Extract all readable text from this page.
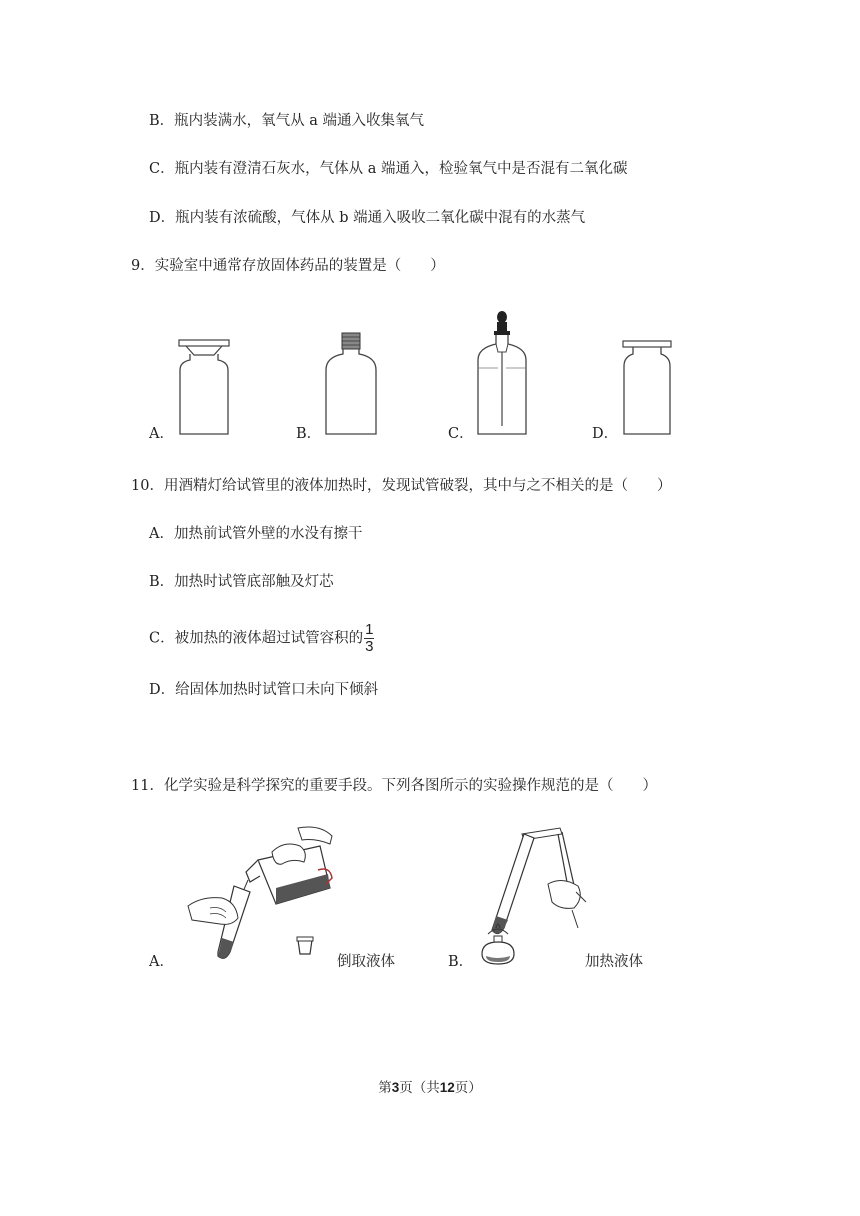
B．瓶内装满水，氧气从 a 端通入收集氧气
C．瓶内装有澄清石灰水，气体从 a 端通入，检验氧气中是否混有二氧化碳
D．瓶内装有浓硫酸，气体从 b 端通入吸收二氧化碳中混有的水蒸气
9．实验室中通常存放固体药品的装置是（　　）
A．	B．	C．	D．
10．用酒精灯给试管里的液体加热时，发现试管破裂，其中与之不相关的是（　　）
A．加热前试管外壁的水没有擦干
B．加热时试管底部触及灯芯
C．被加热的液体超过试管容积的 $\frac{1}{3}$
D．给固体加热时试管口未向下倾斜
11．化学实验是科学探究的重要手段。下列各图所示的实验操作规范的是（　　）
A．	倒取液体	B．	加热液体
第3页（共12页）
